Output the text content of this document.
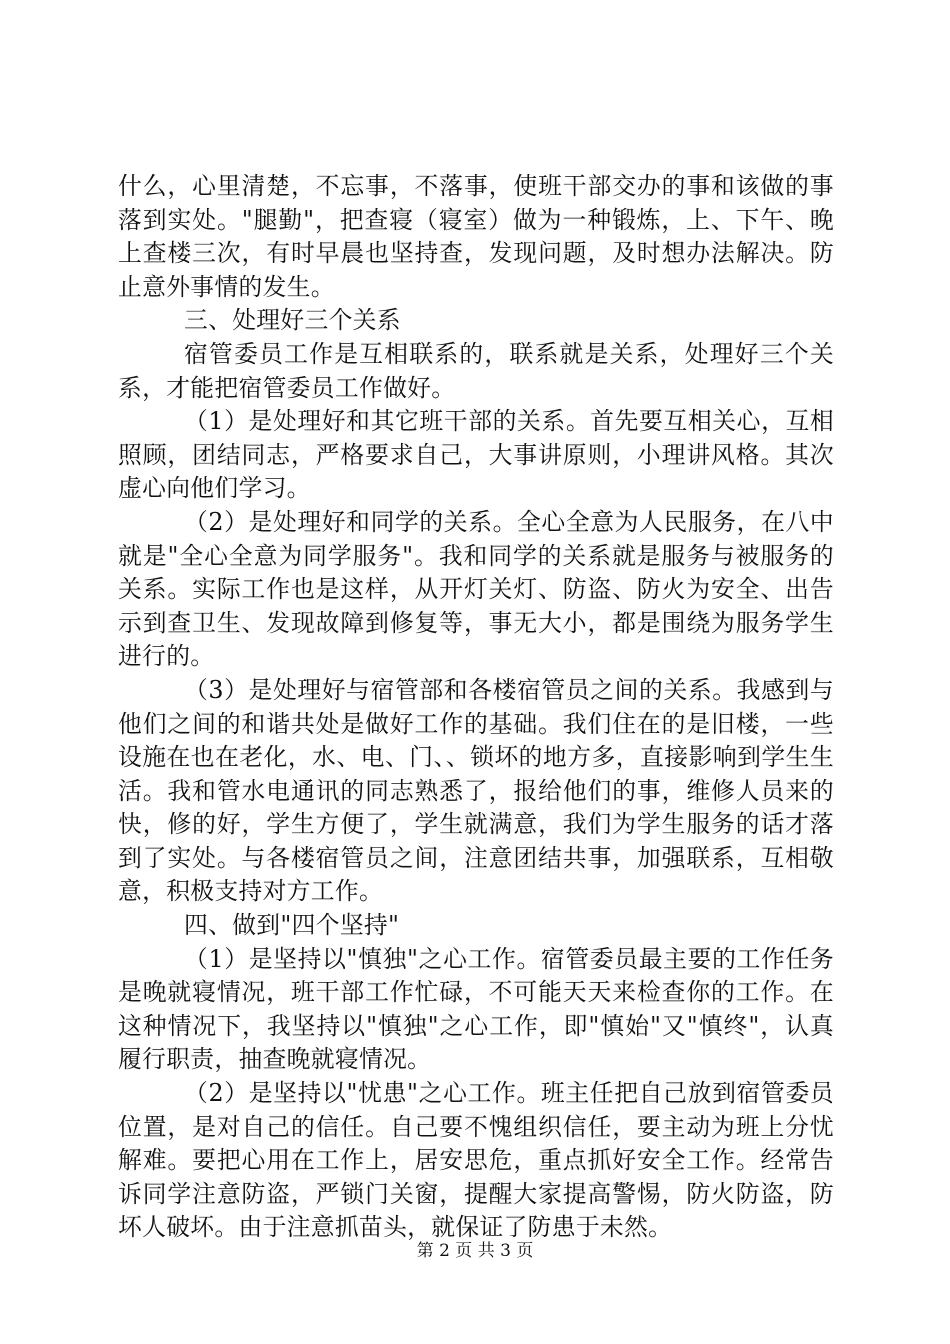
什么，心里清楚，不忘事，不落事，使班干部交办的事和该做的事落到实处。"腿勤"，把查寝（寝室）做为一种锻炼，上、下午、晚上查楼三次，有时早晨也坚持查，发现问题，及时想办法解决。防止意外事情的发生。

三、处理好三个关系

宿管委员工作是互相联系的，联系就是关系，处理好三个关系，才能把宿管委员工作做好。

（1）是处理好和其它班干部的关系。首先要互相关心，互相照顾，团结同志，严格要求自己，大事讲原则，小理讲风格。其次虚心向他们学习。

（2）是处理好和同学的关系。全心全意为人民服务，在八中就是"全心全意为同学服务"。我和同学的关系就是服务与被服务的关系。实际工作也是这样，从开灯关灯、防盗、防火为安全、出告示到查卫生、发现故障到修复等，事无大小，都是围绕为服务学生进行的。

（3）是处理好与宿管部和各楼宿管员之间的关系。我感到与他们之间的和谐共处是做好工作的基础。我们住在的是旧楼，一些设施在也在老化，水、电、门、、锁坏的地方多，直接影响到学生生活。我和管水电通讯的同志熟悉了，报给他们的事，维修人员来的快，修的好，学生方便了，学生就满意，我们为学生服务的话才落到了实处。与各楼宿管员之间，注意团结共事，加强联系，互相敬意，积极支持对方工作。

四、做到"四个坚持"

（1）是坚持以"慎独"之心工作。宿管委员最主要的工作任务是晚就寝情况，班干部工作忙碌，不可能天天来检查你的工作。在这种情况下，我坚持以"慎独"之心工作，即"慎始"又"慎终"，认真履行职责，抽查晚就寝情况。

（2）是坚持以"忧患"之心工作。班主任把自己放到宿管委员位置，是对自己的信任。自己要不愧组织信任，要主动为班上分忧解难。要把心用在工作上，居安思危，重点抓好安全工作。经常告诉同学注意防盗，严锁门关窗，提醒大家提高警惕，防火防盗，防坏人破坏。由于注意抓苗头，就保证了防患于未然。

第 2 页 共 3 页
